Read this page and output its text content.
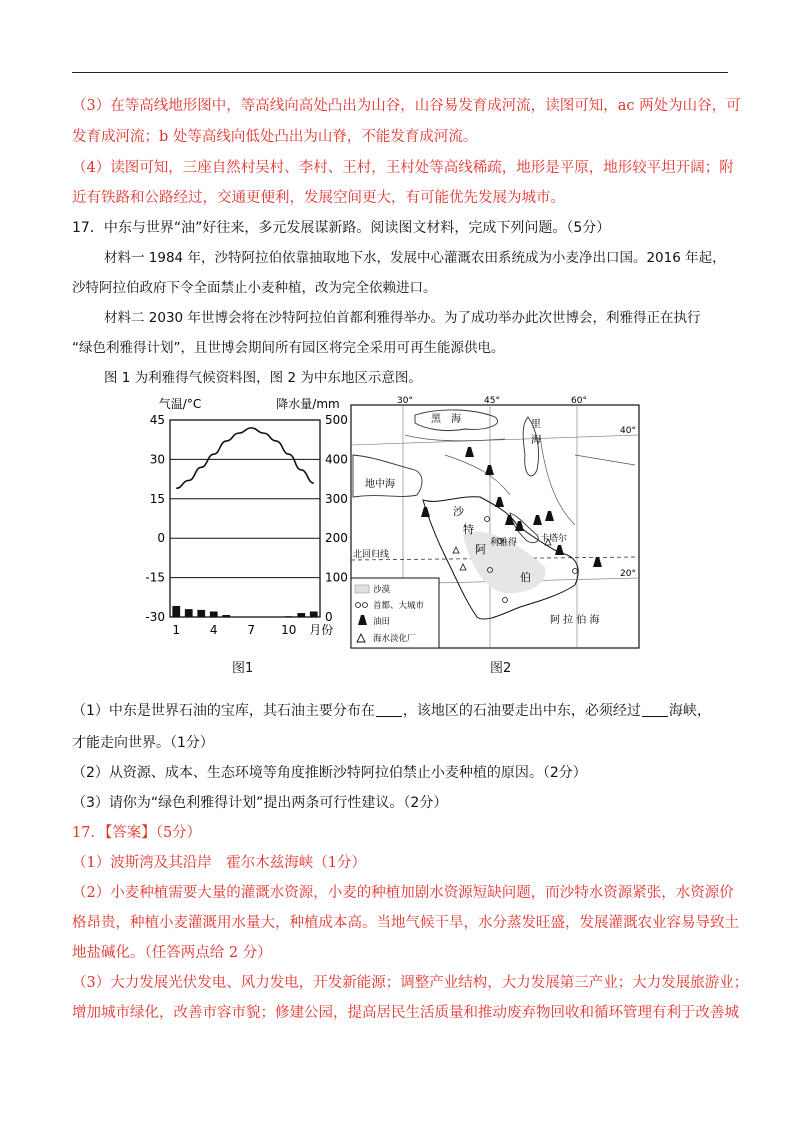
（3）在等高线地形图中，等高线向高处凸出为山谷，山谷易发育成河流，读图可知，ac 两处为山谷，可
发育成河流；b 处等高线向低处凸出为山脊，不能发育成河流。
（4）读图可知，三座自然村吴村、李村、王村，王村处等高线稀疏，地形是平原，地形较平坦开阔；附
近有铁路和公路经过，交通更便利，发展空间更大，有可能优先发展为城市。
17．中东与世界“油”好往来，多元发展谋新路。阅读图文材料，完成下列问题。（5分）
材料一 1984 年，沙特阿拉伯依靠抽取地下水，发展中心灌溉农田系统成为小麦净出口国。2016 年起，
沙特阿拉伯政府下令全面禁止小麦种植，改为完全依赖进口。
材料二 2030 年世博会将在沙特阿拉伯首都利雅得举办。为了成功举办此次世博会，利雅得正在执行
“绿色利雅得计划”，且世博会期间所有园区将完全采用可再生能源供电。
图 1 为利雅得气候资料图，图 2 为中东地区示意图。
气温/°C	降水量/mm
45
30
15
0
-15
-30
500
400
300
200
100
0
1 4 7 10 月份
图1
黑　海	里
海
地中海
沙
特
阿
伯
利雅得	卡塔尔
北回归线
阿 拉 伯 海
30°	45°	60°
40°
20°
沙漠
首都、大城市
油田
海水淡化厂
图2
（1）中东是世界石油的宝库，其石油主要分布在 ，该地区的石油要走出中东，必须经过 海峡，
才能走向世界。（1分）
（2）从资源、成本、生态环境等角度推断沙特阿拉伯禁止小麦种植的原因。（2分）
（3）请你为“绿色利雅得计划”提出两条可行性建议。（2分）
17．【答案】（5分）
（1）波斯湾及其沿岸　霍尔木兹海峡（1分）
（2）小麦种植需要大量的灌溉水资源，小麦的种植加剧水资源短缺问题，而沙特水资源紧张，水资源价
格昂贵，种植小麦灌溉用水量大，种植成本高。当地气候干旱，水分蒸发旺盛，发展灌溉农业容易导致土
地盐碱化。（任答两点给 2 分）
（3）大力发展光伏发电、风力发电，开发新能源；调整产业结构，大力发展第三产业；大力发展旅游业；
增加城市绿化，改善市容市貌；修建公园，提高居民生活质量和推动废弃物回收和循环管理有利于改善城
